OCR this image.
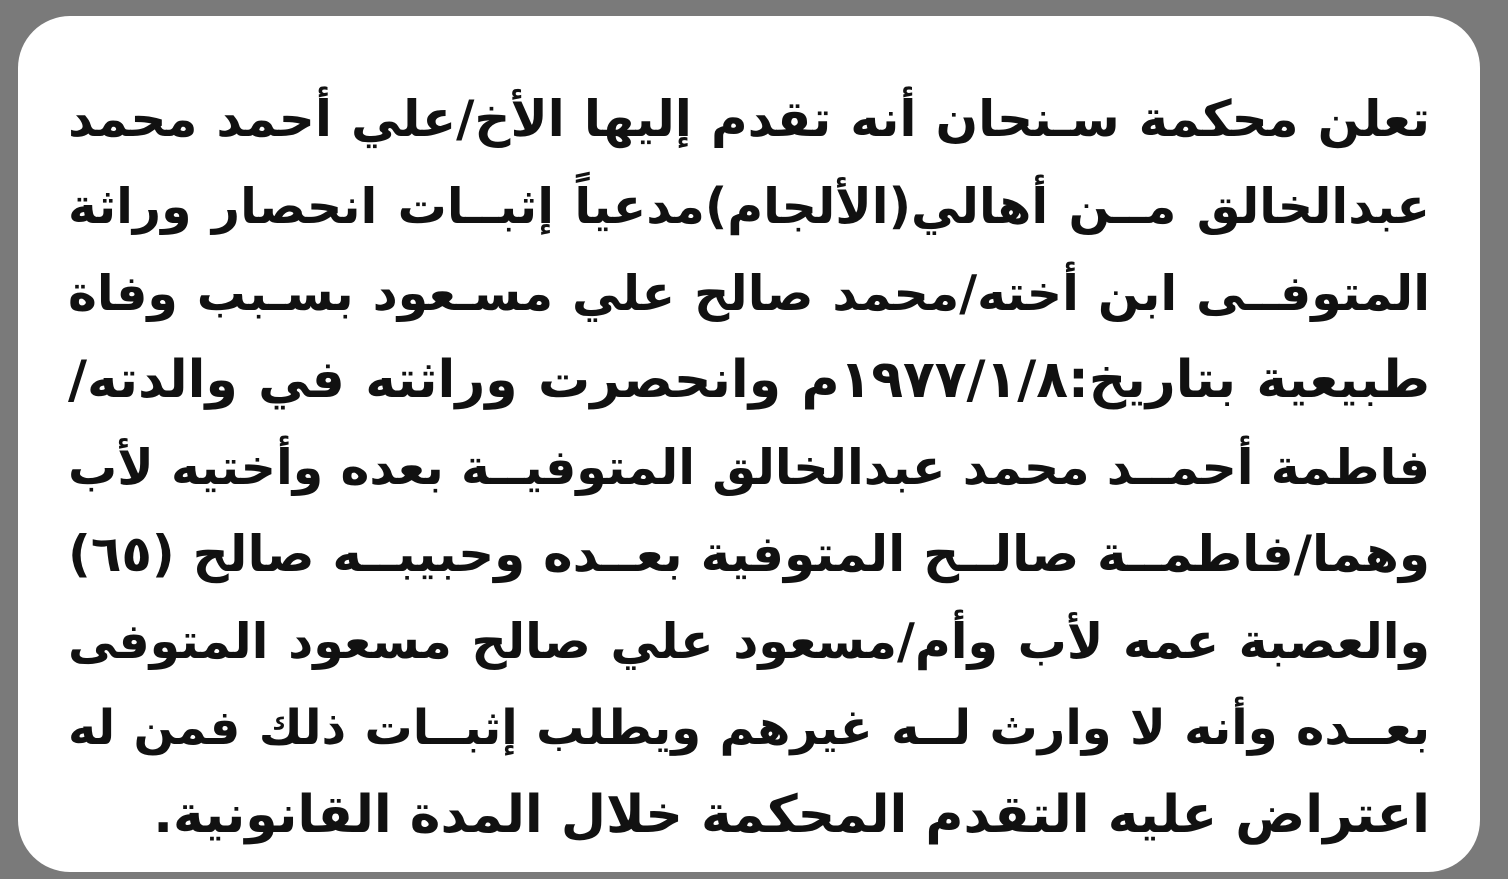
تعلن محكمة سـنحان أنه تقدم إليها الأخ/علي أحمد محمد
عبدالخالق مــن أهالي(الألجام)مدعياً إثبــات انحصار وراثة
المتوفــى ابن أخته/محمد صالح علي مسـعود بسـبب وفاة
طبيعية بتاريخ:١٩٧٧/١/٨م وانحصرت وراثته في والدته/
فاطمة أحمــد محمد عبدالخالق المتوفيــة بعده وأختيه لأب
وهما/فاطمــة صالــح المتوفية بعــده وحبيبــه صالح (٦٥)
والعصبة عمه لأب وأم/مسعود علي صالح مسعود المتوفى
بعــده وأنه لا وارث لــه غيرهم ويطلب إثبــات ذلك فمن له
اعتراض عليه التقدم المحكمة خلال المدة القانونية.
